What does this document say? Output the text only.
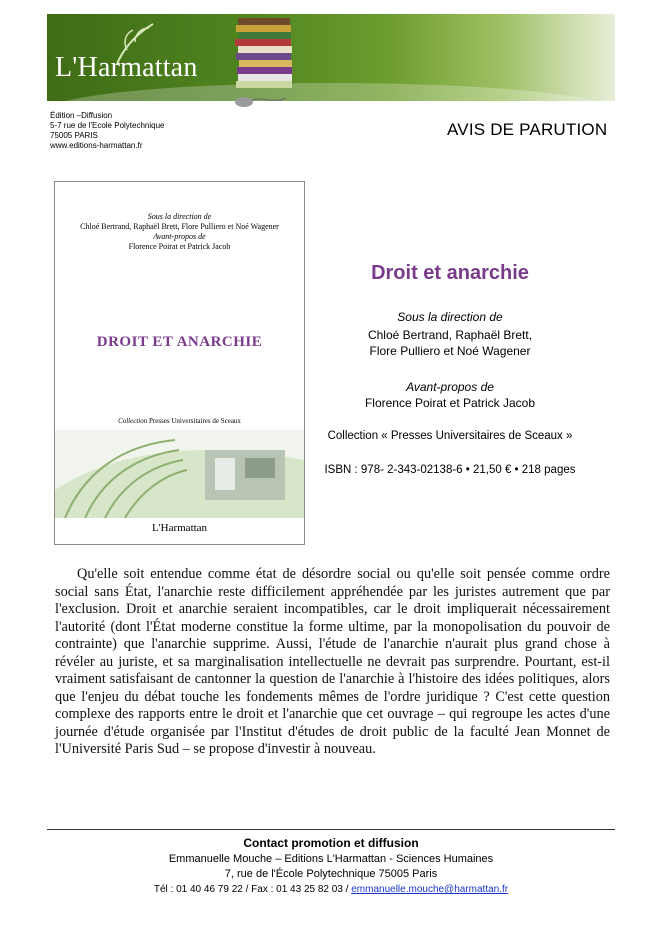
L'Harmattan
Édition –Diffusion
5-7 rue de l'Ecole Polytechnique
75005 PARIS
www.editions-harmattan.fr
AVIS DE PARUTION
Sous la direction de
Chloé Bertrand, Raphaël Brett, Flore Pulliero et Noé Wagener
Avant-propos de
Florence Poirat et Patrick Jacob
DROIT ET ANARCHIE
Collection Presses Universitaires de Sceaux
L'Harmattan
Droit et anarchie
Sous la direction de
Chloé Bertrand, Raphaël Brett,
Flore Pulliero et Noé Wagener
Avant-propos de
Florence Poirat et Patrick Jacob
Collection « Presses Universitaires de Sceaux »
ISBN : 978- 2-343-02138-6 • 21,50 € • 218 pages
Qu'elle soit entendue comme état de désordre social ou qu'elle soit pensée comme ordre social sans État, l'anarchie reste difficilement appréhendée par les juristes autrement que par l'exclusion. Droit et anarchie seraient incompatibles, car le droit impliquerait nécessairement l'autorité (dont l'État moderne constitue la forme ultime, par la monopolisation du pouvoir de contrainte) que l'anarchie supprime. Aussi, l'étude de l'anarchie n'aurait plus grand chose à révéler au juriste, et sa marginalisation intellectuelle ne devrait pas surprendre. Pourtant, est-il vraiment satisfaisant de cantonner la question de l'anarchie à l'histoire des idées politiques, alors que l'enjeu du débat touche les fondements mêmes de l'ordre juridique ? C'est cette question complexe des rapports entre le droit et l'anarchie que cet ouvrage – qui regroupe les actes d'une journée d'étude organisée par l'Institut d'études de droit public de la faculté Jean Monnet de l'Université Paris Sud – se propose d'investir à nouveau.
Contact promotion et diffusion
Emmanuelle Mouche – Editions L'Harmattan - Sciences Humaines
7, rue de l'École Polytechnique 75005 Paris
Tél : 01 40 46 79 22 / Fax : 01 43 25 82 03 / emmanuelle.mouche@harmattan.fr
